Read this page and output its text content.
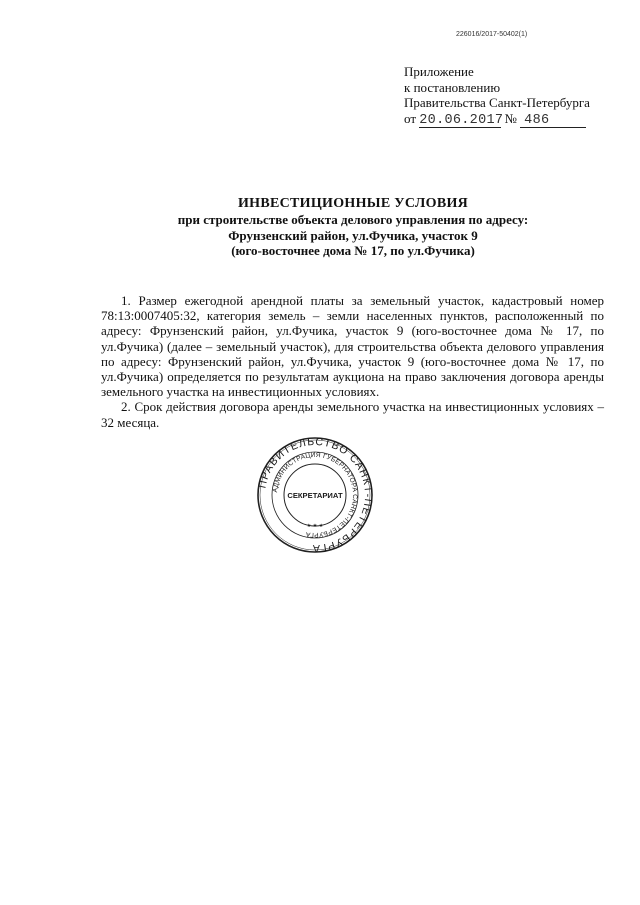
226016/2017-50402(1)
Приложение
к постановлению
Правительства Санкт-Петербурга
от 20.06.2017 № 486
ИНВЕСТИЦИОННЫЕ УСЛОВИЯ
при строительстве объекта делового управления по адресу:
Фрунзенский район, ул.Фучика, участок 9
(юго-восточнее дома № 17, по ул.Фучика)

1. Размер ежегодной арендной платы за земельный участок, кадастровый номер 78:13:0007405:32, категория земель – земли населенных пунктов, расположенный по адресу: Фрунзенский район, ул.Фучика, участок 9 (юго-восточнее дома № 17, по ул.Фучика) (далее – земельный участок), для строительства объекта делового управления по адресу: Фрунзенский район, ул.Фучика, участок 9 (юго-восточнее дома № 17, по ул.Фучика) определяется по результатам аукциона на право заключения договора аренды земельного участка на инвестиционных условиях.

2. Срок действия договора аренды земельного участка на инвестиционных условиях – 32 месяца.

ПРАВИТЕЛЬСТВО САНКТ-ПЕТЕРБУРГА
АДМИНИСТРАЦИЯ ГУБЕРНАТОРА САНКТ-ПЕТЕРБУРГА
СЕКРЕТАРИАТ
★ ★ ★
